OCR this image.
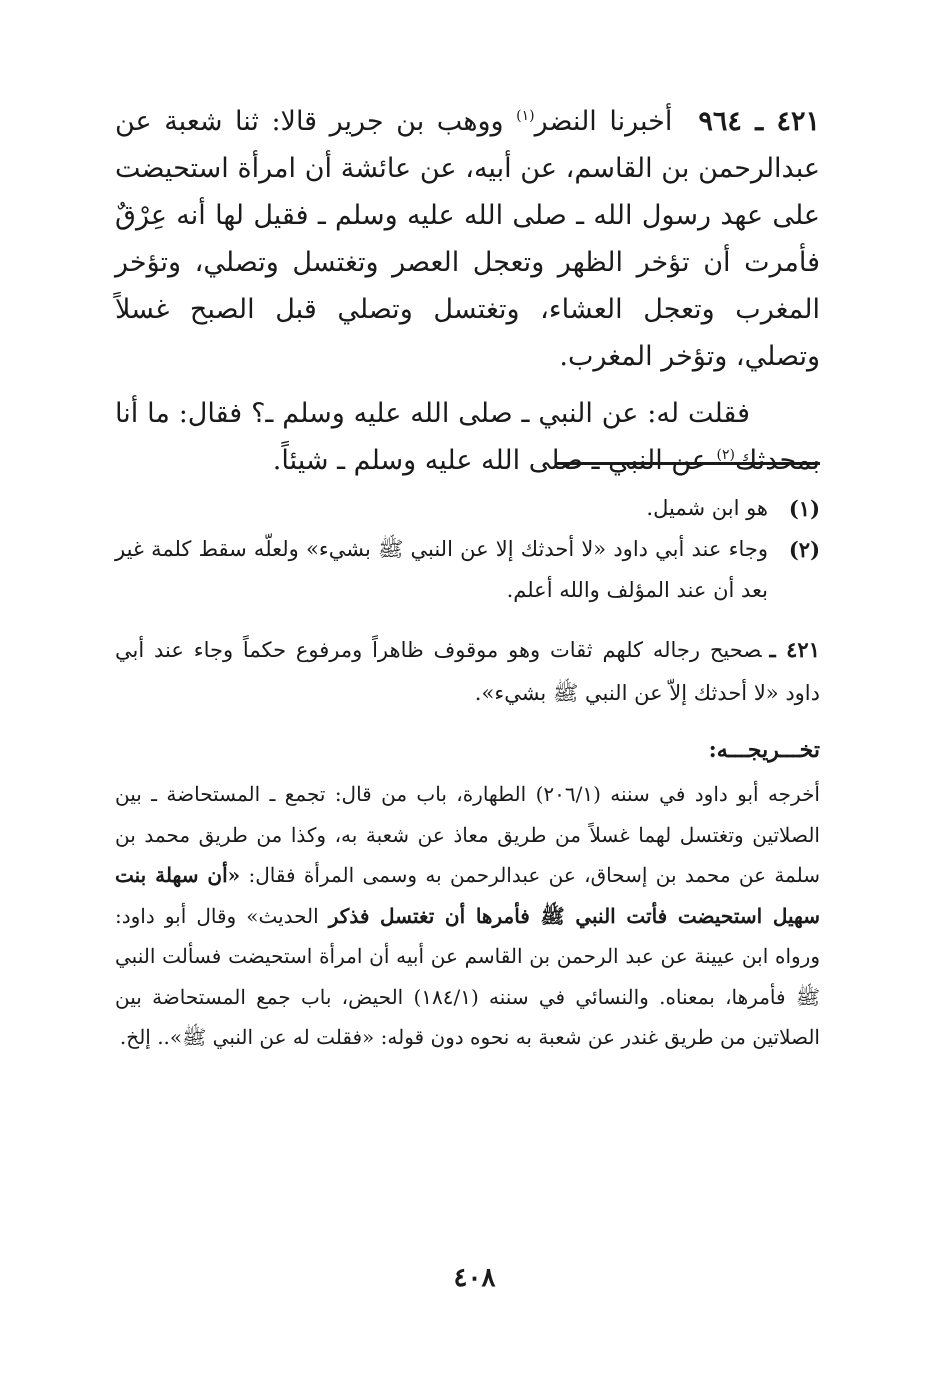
٤٢١ ـ ٩٦٤أخبرنا النضر$^{(١)}$ ووهب بن جرير قالا: ثنا شعبة عن عبدالرحمن بن القاسم، عن أبيه، عن عائشة أن امرأة استحيضت على عهد رسول الله ـ صلى الله عليه وسلم ـ فقيل لها أنه عِرْقٌ فأمرت أن تؤخر الظهر وتعجل العصر وتغتسل وتصلي، وتؤخر المغرب وتعجل العشاء، وتغتسل وتصلي قبل الصبح غسلاً وتصلي، وتؤخر المغرب.

فقلت له: عن النبي ـ صلى الله عليه وسلم ـ؟ فقال: ما أنا بمحدثك$^{(٢)}$ عن النبي ـ صلى الله عليه وسلم ـ شيئاً.

(١)
هو ابن شميل.
(٢)
وجاء عند أبي داود «لا أحدثك إلا عن النبي ﷺ بشيء» ولعلّه سقط كلمة غير بعد أن عند المؤلف والله أعلم.
٤٢١ ـصحيح رجاله كلهم ثقات وهو موقوف ظاهراً ومرفوع حكماً وجاء عند أبي داود «لا أحدثك إلاّ عن النبي ﷺ بشيء».
تخـــريجـــه:
أخرجه أبو داود في سننه (٢٠٦/١) الطهارة، باب من قال: تجمع ـ المستحاضة ـ بين الصلاتين وتغتسل لهما غسلاً من طريق معاذ عن شعبة به، وكذا من طريق محمد بن سلمة عن محمد بن إسحاق، عن عبدالرحمن به وسمى المرأة فقال: «أن سهلة بنت سهيل استحيضت فأتت النبي ﷺ فأمرها أن تغتسل فذكر الحديث» وقال أبو داود: ورواه ابن عيينة عن عبد الرحمن بن القاسم عن أبيه أن امرأة استحيضت فسألت النبي ﷺ فأمرها، بمعناه. والنسائي في سننه (١٨٤/١) الحيض، باب جمع المستحاضة بين الصلاتين من طريق غندر عن شعبة به نحوه دون قوله: «فقلت له عن النبي ﷺ».. إلخ.
٤٠٨
